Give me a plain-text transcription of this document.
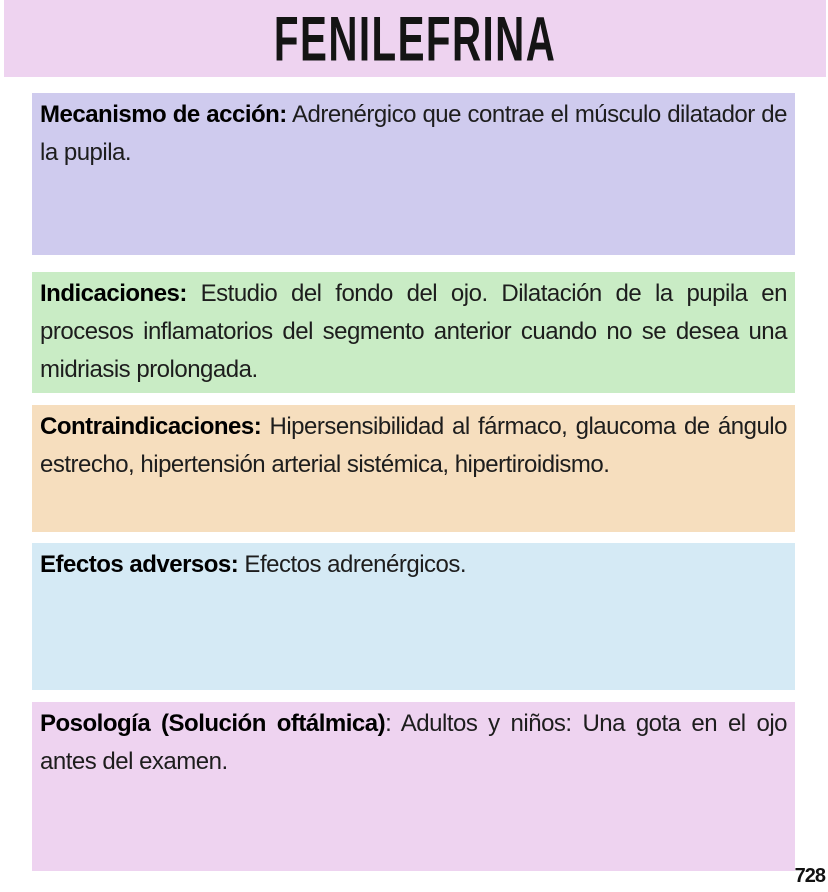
FENILEFRINA

Mecanismo de acción: Adrenérgico que contrae el músculo dilatador de la pupila.

Indicaciones: Estudio del fondo del ojo. Dilatación de la pupila en procesos inflamatorios del segmento anterior cuando no se desea una midriasis prolongada.

Contraindicaciones: Hipersensibilidad al fármaco, glaucoma de ángulo estrecho, hipertensión arterial sistémica, hipertiroidismo.

Efectos adversos: Efectos adrenérgicos.

Posología (Solución oftálmica): Adultos y niños: Una gota en el ojo antes del examen.

728
